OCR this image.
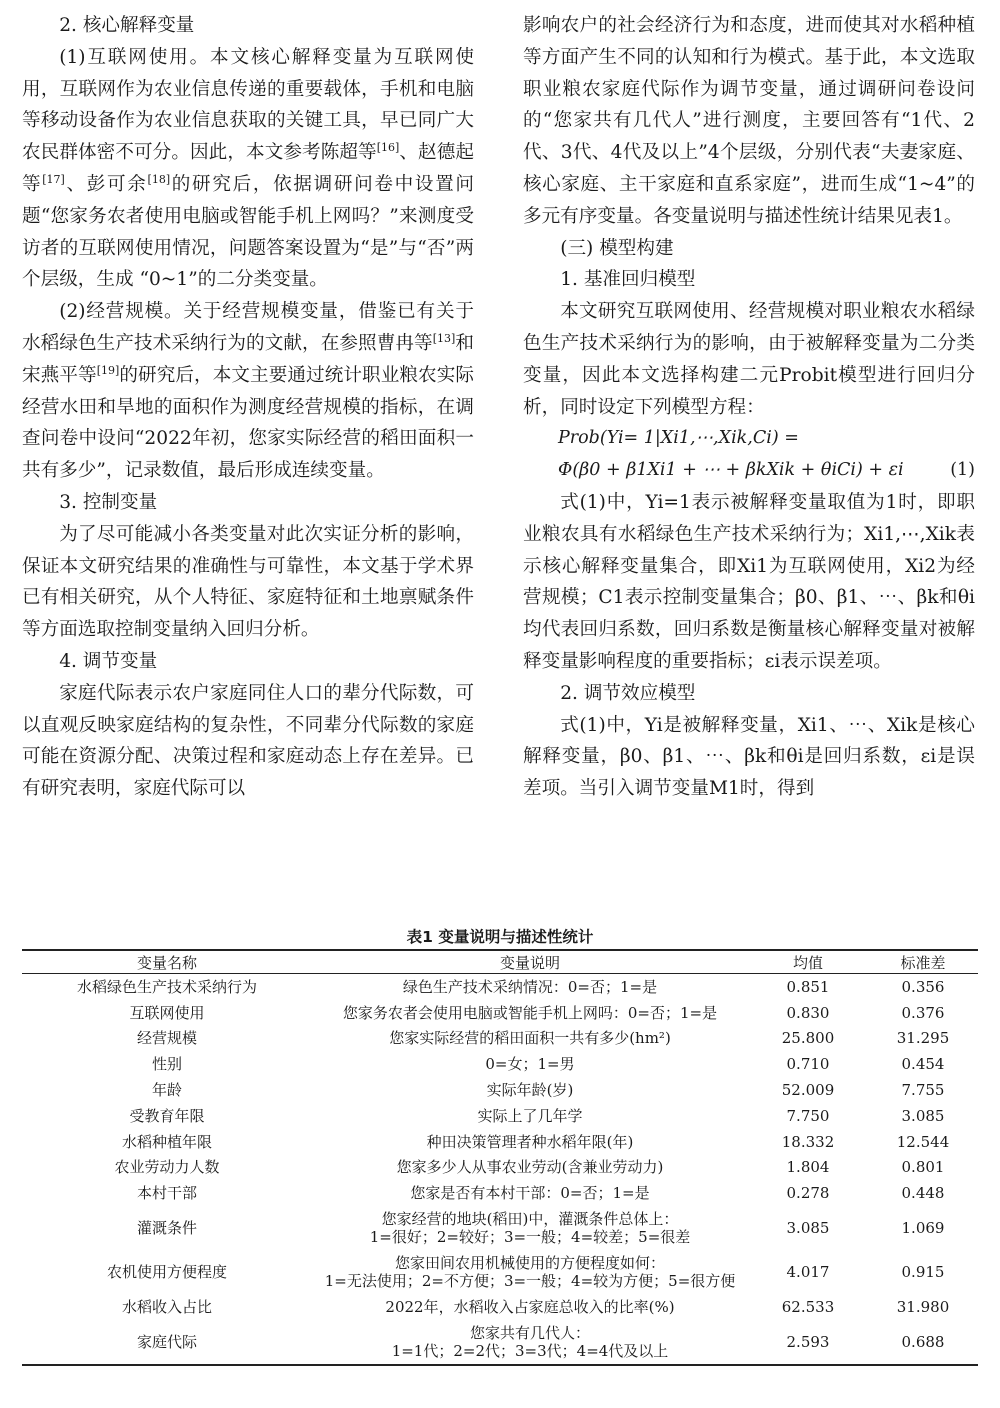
2. 核心解释变量

(1)互联网使用。本文核心解释变量为互联网使用，互联网作为农业信息传递的重要载体，手机和电脑等移动设备作为农业信息获取的关键工具，早已同广大农民群体密不可分。因此，本文参考陈超等[16]、赵德起等[17]、彭可余[18]的研究后，依据调研问卷中设置问题“您家务农者使用电脑或智能手机上网吗？”来测度受访者的互联网使用情况，问题答案设置为“是”与“否”两个层级，生成 “0~1”的二分类变量。

(2)经营规模。关于经营规模变量，借鉴已有关于水稻绿色生产技术采纳行为的文献，在参照曹冉等[13]和宋燕平等[19]的研究后，本文主要通过统计职业粮农实际经营水田和旱地的面积作为测度经营规模的指标，在调查问卷中设问“2022年初，您家实际经营的稻田面积一共有多少”，记录数值，最后形成连续变量。

3. 控制变量

为了尽可能减小各类变量对此次实证分析的影响，保证本文研究结果的准确性与可靠性，本文基于学术界已有相关研究，从个人特征、家庭特征和土地禀赋条件等方面选取控制变量纳入回归分析。

4. 调节变量

家庭代际表示农户家庭同住人口的辈分代际数，可以直观反映家庭结构的复杂性，不同辈分代际数的家庭可能在资源分配、决策过程和家庭动态上存在差异。已有研究表明，家庭代际可以

影响农户的社会经济行为和态度，进而使其对水稻种植等方面产生不同的认知和行为模式。基于此，本文选取职业粮农家庭代际作为调节变量，通过调研问卷设问的“您家共有几代人”进行测度，主要回答有“1代、2代、3代、4代及以上”4个层级，分别代表“夫妻家庭、核心家庭、主干家庭和直系家庭”，进而生成“1~4”的多元有序变量。各变量说明与描述性统计结果见表1。

(三) 模型构建

1. 基准回归模型

本文研究互联网使用、经营规模对职业粮农水稻绿色生产技术采纳行为的影响，由于被解释变量为二分类变量，因此本文选择构建二元Probit模型进行回归分析，同时设定下列模型方程：

Prob(Yi= 1|Xi1,⋯,Xik,Ci) =

Φ(β0 + β1Xi1 + ⋯ + βkXik + θiCi) + εi	(1)

式(1)中，Yi=1表示被解释变量取值为1时，即职业粮农具有水稻绿色生产技术采纳行为；Xi1,⋯,Xik表示核心解释变量集合，即Xi1为互联网使用，Xi2为经营规模；C1表示控制变量集合；β0、β1、⋯、βk和θi均代表回归系数，回归系数是衡量核心解释变量对被解释变量影响程度的重要指标；εi表示误差项。

2. 调节效应模型

式(1)中，Yi是被解释变量，Xi1、⋯、Xik是核心解释变量，β0、β1、⋯、βk和θi是回归系数，εi是误差项。当引入调节变量M1时，得到

表1 变量说明与描述性统计
变量名称	变量说明	均值	标准差
水稻绿色生产技术采纳行为	绿色生产技术采纳情况：0=否；1=是	0.851	0.356
互联网使用	您家务农者会使用电脑或智能手机上网吗：0=否；1=是	0.830	0.376
经营规模	您家实际经营的稻田面积一共有多少(hm²)	25.800	31.295
性别	0=女；1=男	0.710	0.454
年龄	实际年龄(岁)	52.009	7.755
受教育年限	实际上了几年学	7.750	3.085
水稻种植年限	种田决策管理者种水稻年限(年)	18.332	12.544
农业劳动力人数	您家多少人从事农业劳动(含兼业劳动力)	1.804	0.801
本村干部	您家是否有本村干部：0=否；1=是	0.278	0.448
灌溉条件	您家经营的地块(稻田)中，灌溉条件总体上：
1=很好；2=较好；3=一般；4=较差；5=很差	3.085	1.069
农机使用方便程度	您家田间农用机械使用的方便程度如何：
1=无法使用；2=不方便；3=一般；4=较为方便；5=很方便	4.017	0.915
水稻收入占比	2022年，水稻收入占家庭总收入的比率(%)	62.533	31.980
家庭代际	您家共有几代人：
1=1代；2=2代；3=3代；4=4代及以上	2.593	0.688
